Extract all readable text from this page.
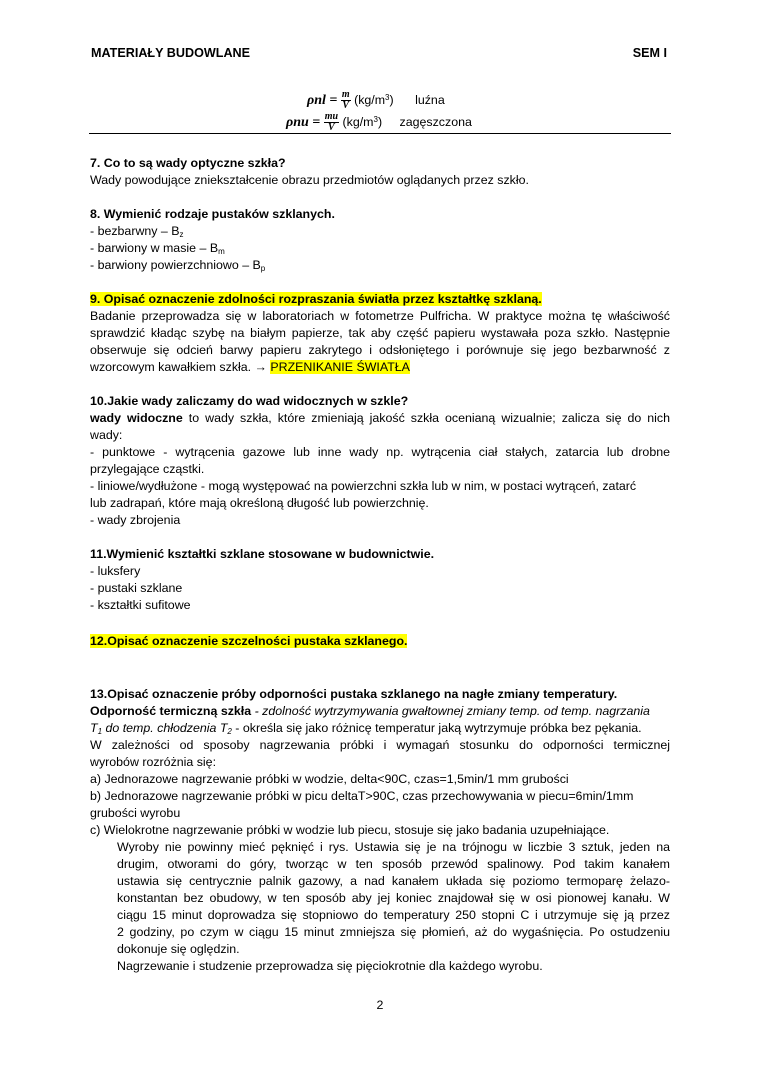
MATERIAŁY BUDOWLANE	SEM I
$\rho nl = \frac{m}{V} (kg/m^3)$ luźna
$\rho nu = \frac{mu}{V} (kg/m^3)$ zagęszczona
7. Co to są wady optyczne szkła?
Wady powodujące zniekształcenie obrazu przedmiotów oglądanych przez szkło.
8. Wymienić rodzaje pustaków szklanych.
- bezbarwny – $B_z$
- barwiony w masie – $B_m$
- barwiony powierzchniowo – $B_p$
9. Opisać oznaczenie zdolności rozpraszania światła przez kształtkę szklaną.
Badanie przeprowadza się w laboratoriach w fotometrze Pulfricha. W praktyce można tę właściwość
sprawdzić kładąc szybę na białym papierze, tak aby część papieru wystawała poza szkło. Następnie
obserwuje się odcień barwy papieru zakrytego i odsłoniętego i porównuje się jego bezbarwność z
wzorcowym kawałkiem szkła. → PRZENIKANIE ŚWIATŁA
10.Jakie wady zaliczamy do wad widocznych w szkle?
wady widoczne to wady szkła, które zmieniają jakość szkła ocenianą wizualnie; zalicza się do nich
wady:
- punktowe - wytrącenia gazowe lub inne wady np. wytrącenia ciał stałych, zatarcia lub drobne
przylegające cząstki.
- liniowe/wydłużone - mogą występować na powierzchni szkła lub w nim, w postaci wytrąceń, zatarć
lub zadrapań, które mają określoną długość lub powierzchnię.
- wady zbrojenia
11.Wymienić kształtki szklane stosowane w budownictwie.
- luksfery
- pustaki szklane
- kształtki sufitowe
12.Opisać oznaczenie szczelności pustaka szklanego.
13.Opisać oznaczenie próby odporności pustaka szklanego na nagłe zmiany temperatury.
Odporność termiczną szkła - zdolność wytrzymywania gwałtownej zmiany temp. od temp. nagrzania
$T_1$ do temp. chłodzenia $T_2$ - określa się jako różnicę temperatur jaką wytrzymuje próbka bez pękania.
W zależności od sposoby nagrzewania próbki i wymagań stosunku do odporności termicznej
wyrobów rozróżnia się:
a) Jednorazowe nagrzewanie próbki w wodzie, delta<90C, czas=1,5min/1 mm grubości
b) Jednorazowe nagrzewanie próbki w picu deltaT>90C, czas przechowywania w piecu=6min/1mm
grubości wyrobu
c) Wielokrotne nagrzewanie próbki w wodzie lub piecu, stosuje się jako badania uzupełniające.
Wyroby nie powinny mieć pęknięć i rys. Ustawia się je na trójnogu w liczbie 3 sztuk, jeden na
drugim, otworami do góry, tworząc w ten sposób przewód spalinowy. Pod takim kanałem
ustawia się centrycznie palnik gazowy, a nad kanałem układa się poziomo termoparę żelazo-
konstantan bez obudowy, w ten sposób aby jej koniec znajdował się w osi pionowej kanału. W
ciągu 15 minut doprowadza się stopniowo do temperatury 250 stopni C i utrzymuje się ją przez
2 godziny, po czym w ciągu 15 minut zmniejsza się płomień, aż do wygaśnięcia. Po ostudzeniu
dokonuje się oględzin.
Nagrzewanie i studzenie przeprowadza się pięciokrotnie dla każdego wyrobu.
2
